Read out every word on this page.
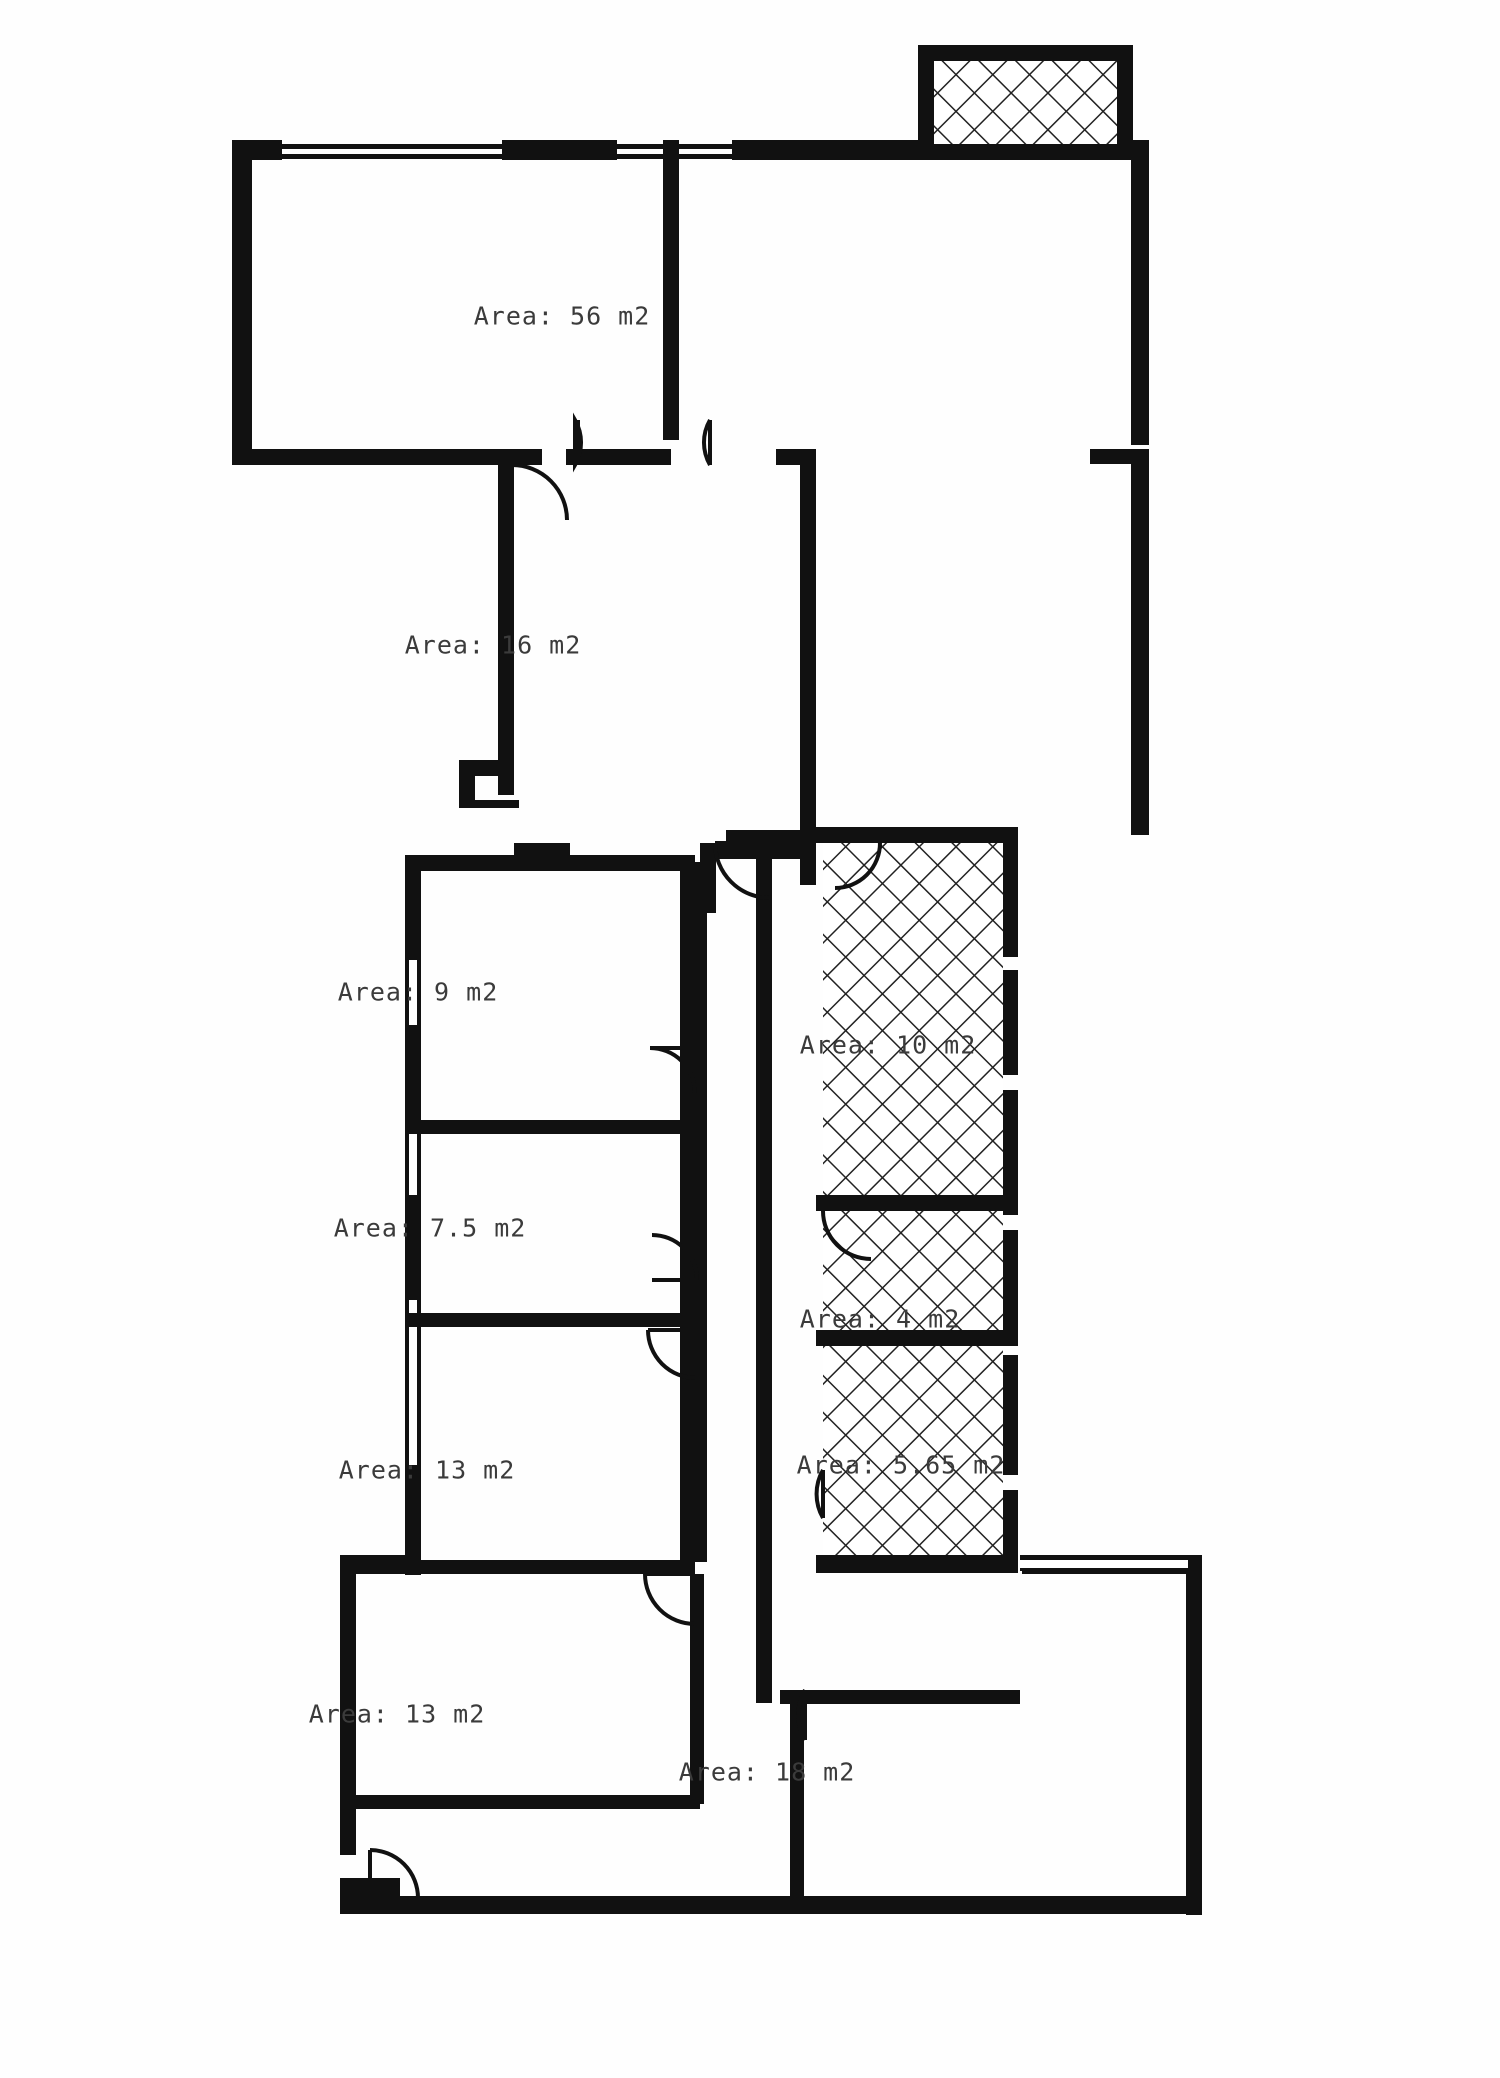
Area: 56 m2
Area: 16 m2
Area: 9 m2
Area: 10 m2
Area: 7.5 m2
Area: 4 m2
Area: 13 m2	Area: 5.65 m2
Area: 13 m2
Area: 18 m2
